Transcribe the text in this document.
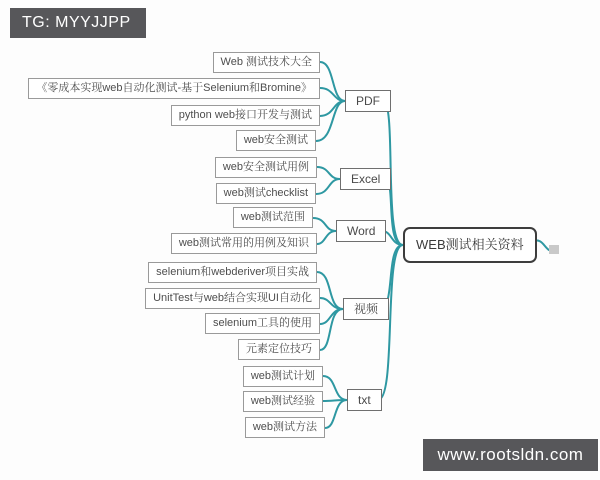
TG: MYYJJPP
www.rootsldn.com
Web 测试技术大全
《零成本实现web自动化测试-基于Selenium和Bromine》
python web接口开发与测试
web安全测试
web安全测试用例
web测试checklist
web测试范围
web测试常用的用例及知识
selenium和webderiver项目实战
UnitTest与web结合实现UI自动化
selenium工具的使用
元素定位技巧
web测试计划
web测试经验
web测试方法
PDF
Excel
Word
视频
txt
WEB测试相关资料
